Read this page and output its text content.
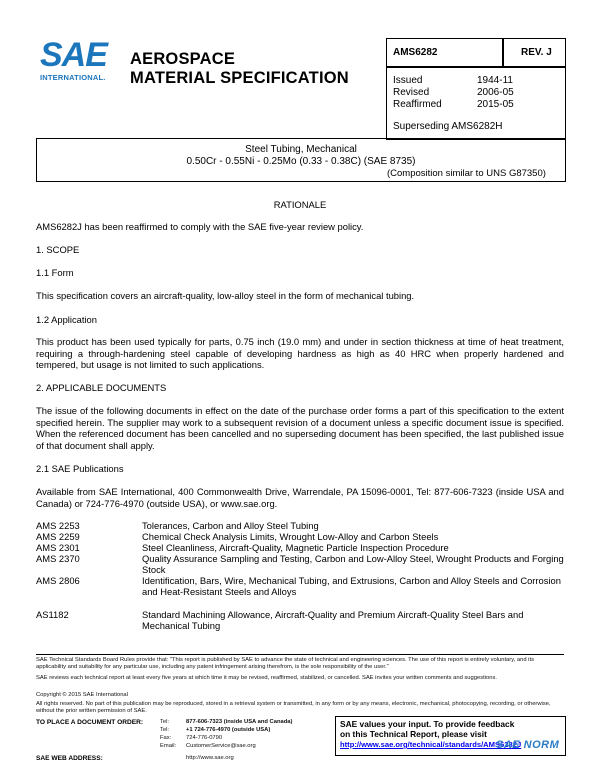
SAE
INTERNATIONAL.
AEROSPACE
MATERIAL SPECIFICATION
AMS6282	REV. J
Issued	1944-11
Revised	2006-05
Reaffirmed	2015-05
Superseding AMS6282H
Steel Tubing, Mechanical
0.50Cr - 0.55Ni - 0.25Mo (0.33 - 0.38C) (SAE 8735)
(Composition similar to UNS G87350)
RATIONALE
AMS6282J has been reaffirmed to comply with the SAE five-year review policy.
1. SCOPE
1.1 Form
This specification covers an aircraft-quality, low-alloy steel in the form of mechanical tubing.
1.2 Application
This product has been used typically for parts, 0.75 inch (19.0 mm) and under in section thickness at time of heat treatment, requiring a through-hardening steel capable of developing hardness as high as 40 HRC when properly hardened and tempered, but usage is not limited to such applications.
2. APPLICABLE DOCUMENTS
The issue of the following documents in effect on the date of the purchase order forms a part of this specification to the extent specified herein. The supplier may work to a subsequent revision of a document unless a specific document issue is specified. When the referenced document has been cancelled and no superseding document has been specified, the last published issue of that document shall apply.
2.1 SAE Publications
Available from SAE International, 400 Commonwealth Drive, Warrendale, PA 15096-0001, Tel: 877-606-7323 (inside USA and Canada) or 724-776-4970 (outside USA), or www.sae.org.
AMS 2253	Tolerances, Carbon and Alloy Steel Tubing
AMS 2259	Chemical Check Analysis Limits, Wrought Low-Alloy and Carbon Steels
AMS 2301	Steel Cleanliness, Aircraft-Quality, Magnetic Particle Inspection Procedure
AMS 2370	Quality Assurance Sampling and Testing, Carbon and Low-Alloy Steel, Wrought Products and Forging Stock
AMS 2806	Identification, Bars, Wire, Mechanical Tubing, and Extrusions, Carbon and Alloy Steels and Corrosion and Heat-Resistant Steels and Alloys

AS1182	Standard Machining Allowance, Aircraft-Quality and Premium Aircraft-Quality Steel Bars and Mechanical Tubing
SAE Technical Standards Board Rules provide that: "This report is published by SAE to advance the state of technical and engineering sciences. The use of this report is entirely voluntary, and its applicability and suitability for any particular use, including any patent infringement arising therefrom, is the sole responsibility of the user."
SAE reviews each technical report at least every five years at which time it may be revised, reaffirmed, stabilized, or cancelled. SAE invites your written comments and suggestions.
Copyright © 2015 SAE International
All rights reserved. No part of this publication may be reproduced, stored in a retrieval system or transmitted, in any form or by any means, electronic, mechanical, photocopying, recording, or otherwise, without the prior written permission of SAE.
TO PLACE A DOCUMENT ORDER:	Tel:	877-606-7323 (inside USA and Canada)
Tel:	+1 724-776-4970 (outside USA)
Fax:	724-776-0790
Email: CustomerService@sae.org
SAE WEB ADDRESS:	http://www.sae.org
SAE values your input. To provide feedback
on this Technical Report, please visit
http://www.sae.org/technical/standards/AMS6282J
SAE NORM
